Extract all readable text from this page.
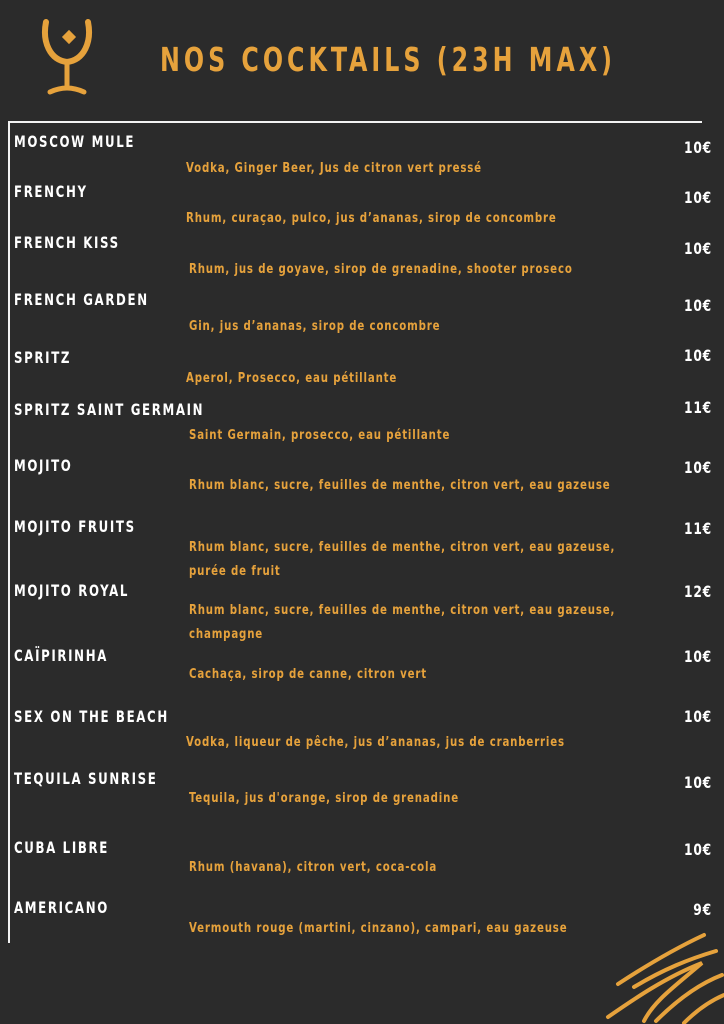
NOS COCKTAILS (23H MAX)
MOSCOW MULE
Vodka, Ginger Beer, Jus de citron vert pressé
10€
FRENCHY
Rhum, curaçao, pulco, jus d’ananas, sirop de concombre
10€
FRENCH KISS
Rhum, jus de goyave, sirop de grenadine, shooter proseco
10€
FRENCH GARDEN
Gin, jus d’ananas, sirop de concombre
10€
SPRITZ
Aperol, Prosecco, eau pétillante
10€
SPRITZ SAINT GERMAIN
Saint Germain, prosecco, eau pétillante
11€
MOJITO
Rhum blanc, sucre, feuilles de menthe, citron vert, eau gazeuse
10€
MOJITO FRUITS
Rhum blanc, sucre, feuilles de menthe, citron vert, eau gazeuse,
purée de fruit
11€
MOJITO ROYAL
Rhum blanc, sucre, feuilles de menthe, citron vert, eau gazeuse,
champagne
12€
CAÏPIRINHA
Cachaça, sirop de canne, citron vert
10€
SEX ON THE BEACH
Vodka, liqueur de pêche, jus d’ananas, jus de cranberries
10€
TEQUILA SUNRISE
Tequila, jus d'orange, sirop de grenadine
10€
CUBA LIBRE
Rhum (havana), citron vert, coca-cola
10€
AMERICANO
Vermouth rouge (martini, cinzano), campari, eau gazeuse
9€
